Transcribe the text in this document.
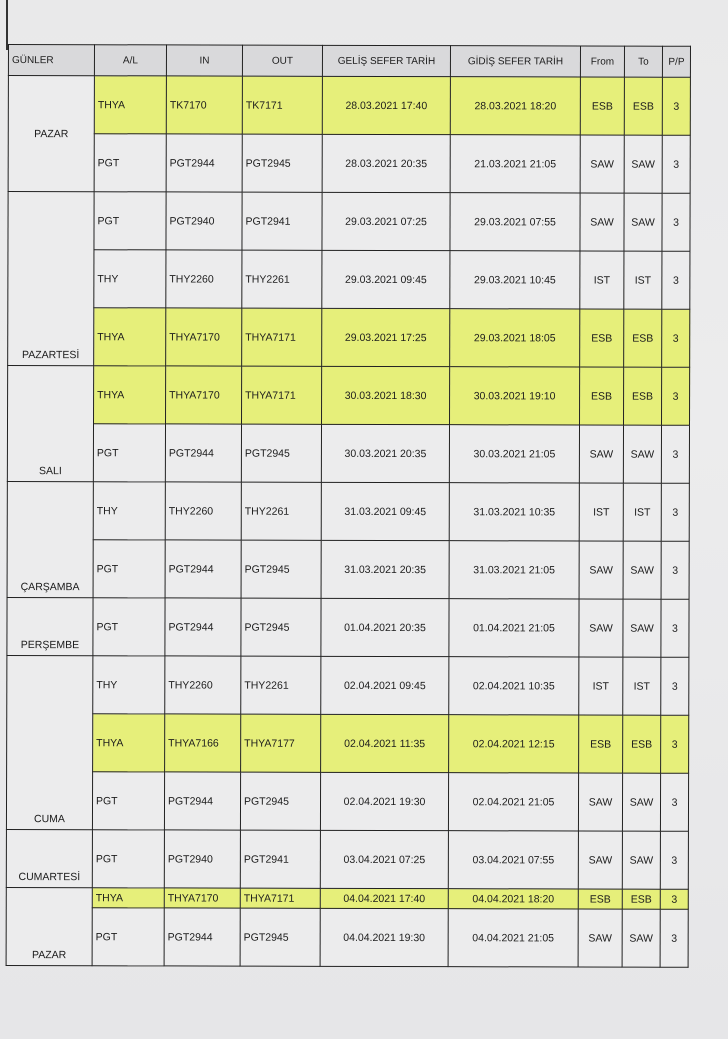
GÜNLER	A/L	IN	OUT	GELİŞ SEFER TARİH	GİDİŞ SEFER TARİH	From	To	P/P
PAZAR	THYA	TK7170	TK7171	28.03.2021 17:40	28.03.2021 18:20	ESB	ESB	3
	PGT	PGT2944	PGT2945	28.03.2021 20:35	21.03.2021 21:05	SAW	SAW	3
PAZARTESİ	PGT	PGT2940	PGT2941	29.03.2021 07:25	29.03.2021 07:55	SAW	SAW	3
	THY	THY2260	THY2261	29.03.2021 09:45	29.03.2021 10:45	IST	IST	3
	THYA	THYA7170	THYA7171	29.03.2021 17:25	29.03.2021 18:05	ESB	ESB	3
SALI	THYA	THYA7170	THYA7171	30.03.2021 18:30	30.03.2021 19:10	ESB	ESB	3
	PGT	PGT2944	PGT2945	30.03.2021 20:35	30.03.2021 21:05	SAW	SAW	3
ÇARŞAMBA	THY	THY2260	THY2261	31.03.2021 09:45	31.03.2021 10:35	IST	IST	3
	PGT	PGT2944	PGT2945	31.03.2021 20:35	31.03.2021 21:05	SAW	SAW	3
PERŞEMBE	PGT	PGT2944	PGT2945	01.04.2021 20:35	01.04.2021 21:05	SAW	SAW	3
CUMA	THY	THY2260	THY2261	02.04.2021 09:45	02.04.2021 10:35	IST	IST	3
	THYA	THYA7166	THYA7177	02.04.2021 11:35	02.04.2021 12:15	ESB	ESB	3
	PGT	PGT2944	PGT2945	02.04.2021 19:30	02.04.2021 21:05	SAW	SAW	3
CUMARTESİ	PGT	PGT2940	PGT2941	03.04.2021 07:25	03.04.2021 07:55	SAW	SAW	3
PAZAR	THYA	THYA7170	THYA7171	04.04.2021 17:40	04.04.2021 18:20	ESB	ESB	3
	PGT	PGT2944	PGT2945	04.04.2021 19:30	04.04.2021 21:05	SAW	SAW	3
